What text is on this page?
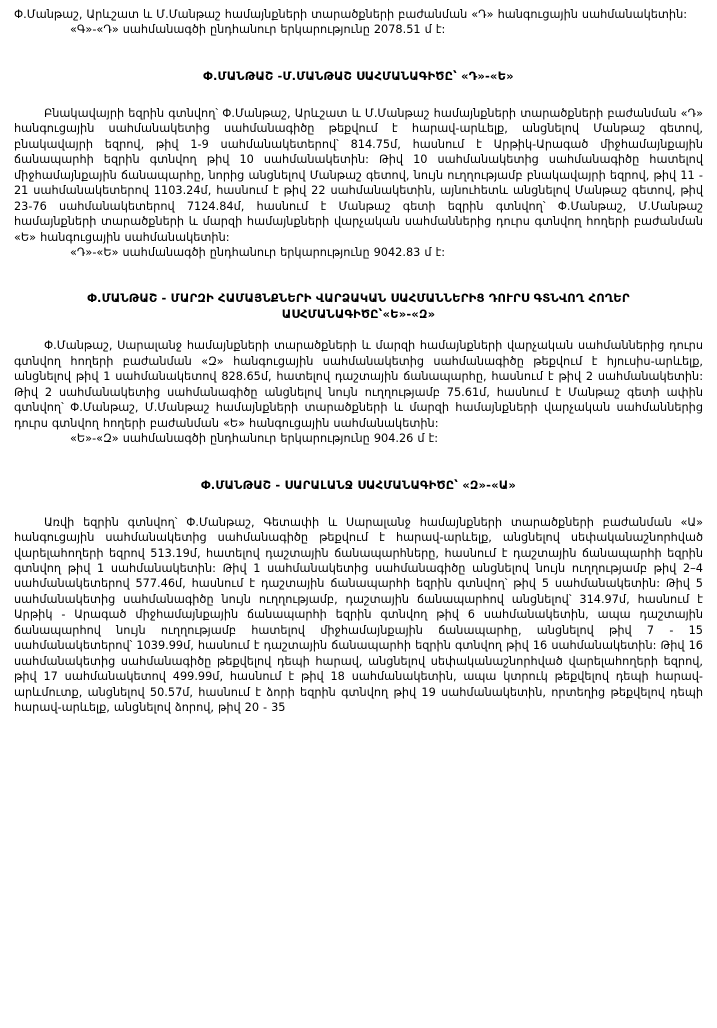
Փ.Մանթաշ, Արևշատ և Մ.Մանթաշ համայնքների տարածքների բաժանման «Դ» հանգուցային սահմանակետին:

«Գ»-«Դ» սահմանագծի ընդհանուր երկարությունը 2078.51 մ է:

Փ.ՄԱՆԹԱՇ -Մ.ՄԱՆԹԱՇ ՍԱՀՄԱՆԱԳԻԾԸ՝ «Դ»-«Ե»

Բնակավայրի եզրին գտնվող՝ Փ.Մանթաշ, Արևշատ և Մ.Մանթաշ համայնքների տարածքների բաժանման «Դ» հանգուցային սահմանակետից սահմանագիծը թեքվում է հարավ-արևելք, անցնելով Մանթաշ գետով, բնակավայրի եզրով, թիվ 1-9 սահմանակետերով՝ 814.75մ, հասնում է Արթիկ-Արագած միջհամայնքային ճանապարհի եզրին գտնվող թիվ 10 սահմանակետին: Թիվ 10 սահմանակետից սահմանագիծը հատելով միջհամայնքային ճանապարհը, նորից անցնելով Մանթաշ գետով, նույն ուղղությամբ բնակավայրի եզրով, թիվ 11 - 21 սահմանակետերով 1103.24մ, հասնում է թիվ 22 սահմանակետին, այնուհետև անցնելով Մանթաշ գետով, թիվ 23-76 սահմանակետերով 7124.84մ, հասնում է Մանթաշ գետի եզրին գտնվող՝ Փ.Մանթաշ, Մ.Մանթաշ համայնքների տարածքների և մարզի համայնքների վարչական սահմաններից դուրս գտնվող հողերի բաժանման «Ե» հանգուցային սահմանակետին:

«Դ»-«Ե» սահմանագծի ընդհանուր երկարությունը 9042.83 մ է:

Փ.ՄԱՆԹԱՇ - ՄԱՐԶԻ ՀԱՄԱՅՆՔՆԵՐԻ ՎԱՐՁԱԿԱՆ ՍԱՀՄԱՆՆԵՐԻՑ ԴՈՒՐՍ ԳՏՆՎՈՂ ՀՈՂԵՐ
ԱՍՀՄԱՆԱԳԻԾԸ՝«Ե»-«Զ»

Փ.Մանթաշ, Սարալանջ համայնքների տարածքների և մարզի համայնքների վարչական սահմաններից դուրս գտնվող հողերի բաժանման «Զ» հանգուցային սահմանակետից սահմանագիծը թեքվում է հյուսիս-արևելք, անցնելով թիվ 1 սահմանակետով 828.65մ, հատելով դաշտային ճանապարհը, հասնում է թիվ 2 սահմանակետին: Թիվ 2 սահմանակետից սահմանագիծը անցնելով նույն ուղղությամբ 75.61մ, հասնում է Մանթաշ գետի ափին գտնվող՝ Փ.Մանթաշ, Մ.Մանթաշ համայնքների տարածքների և մարզի համայնքների վարչական սահմաններից դուրս գտնվող հողերի բաժանման «Ե» հանգուցային սահմանակետին:

«Ե»-«Զ» սահմանագծի ընդհանուր երկարությունը 904.26 մ է:

Փ.ՄԱՆԹԱՇ - ՍԱՐԱԼԱՆՋ ՍԱՀՄԱՆԱԳԻԾԸ՝ «Զ»-«Ա»

Առվի եզրին գտնվող՝ Փ.Մանթաշ, Գետափի և Սարալանջ համայնքների տարածքների բաժանման «Ա» հանգուցային սահմանակետից սահմանագիծը թեքվում է հարավ-արևելք, անցնելով սեփականաշնորհված վարելահողերի եզրով 513.19մ, հատելով դաշտային ճանապարհները, հասնում է դաշտային ճանապարհի եզրին գտնվող թիվ 1 սահմանակետին: Թիվ 1 սահմանակետից սահմանագիծը անցնելով նույն ուղղությամբ թիվ 2–4 սահմանակետերով 577.46մ, հասնում է դաշտային ճանապարհի եզրին գտնվող՝ թիվ 5 սահմանակետին: Թիվ 5 սահմանակետից սահմանագիծը նույն ուղղությամբ, դաշտային ճանապարհով անցնելով՝ 314.97մ, հասնում է Արթիկ - Արագած միջհամայնքային ճանապարհի եզրին գտնվող թիվ 6 սահմանակետին, ապա դաշտային ճանապարհով նույն ուղղությամբ հատելով միջհամայնքային ճանապարհը, անցնելով թիվ 7 - 15 սահմանակետերով՝ 1039.99մ, հասնում է դաշտային ճանապարհի եզրին գտնվող թիվ 16 սահմանակետին: Թիվ 16 սահմանակետից սահմանագիծը թեքվելով դեպի հարավ, անցնելով սեփականաշնորհված վարելահողերի եզրով, թիվ 17 սահմանակետով 499.99մ, հասնում է թիվ 18 սահմանակետին, ապա կտրուկ թեքվելով դեպի հարավ-արևմուտք, անցնելով 50.57մ, հասնում է ձորի եզրին գտնվող թիվ 19 սահմանակետին, որտեղից թեքվելով դեպի հարավ-արևելք, անցնելով ձորով, թիվ 20 - 35
